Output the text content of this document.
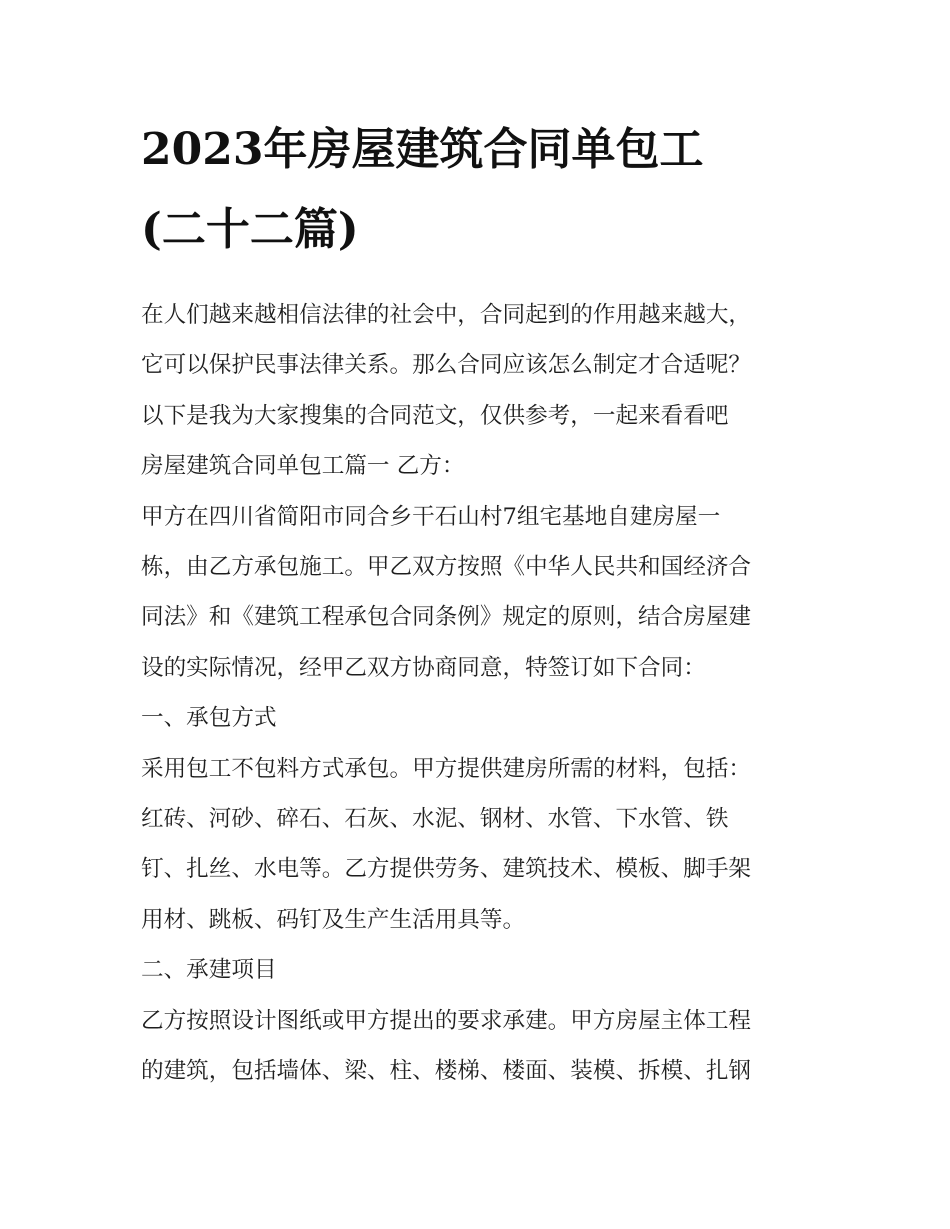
2023年房屋建筑合同单包工
(二十二篇)
在人们越来越相信法律的社会中，合同起到的作用越来越大，
它可以保护民事法律关系。那么合同应该怎么制定才合适呢？
以下是我为大家搜集的合同范文，仅供参考，一起来看看吧
房屋建筑合同单包工篇一 乙方：
甲方在四川省简阳市同合乡干石山村7组宅基地自建房屋一
栋，由乙方承包施工。甲乙双方按照《中华人民共和国经济合
同法》和《建筑工程承包合同条例》规定的原则，结合房屋建
设的实际情况，经甲乙双方协商同意，特签订如下合同：
一、承包方式
采用包工不包料方式承包。甲方提供建房所需的材料，包括：
红砖、河砂、碎石、石灰、水泥、钢材、水管、下水管、铁
钉、扎丝、水电等。乙方提供劳务、建筑技术、模板、脚手架
用材、跳板、码钉及生产生活用具等。
二、承建项目
乙方按照设计图纸或甲方提出的要求承建。甲方房屋主体工程
的建筑，包括墙体、梁、柱、楼梯、楼面、装模、拆模、扎钢
